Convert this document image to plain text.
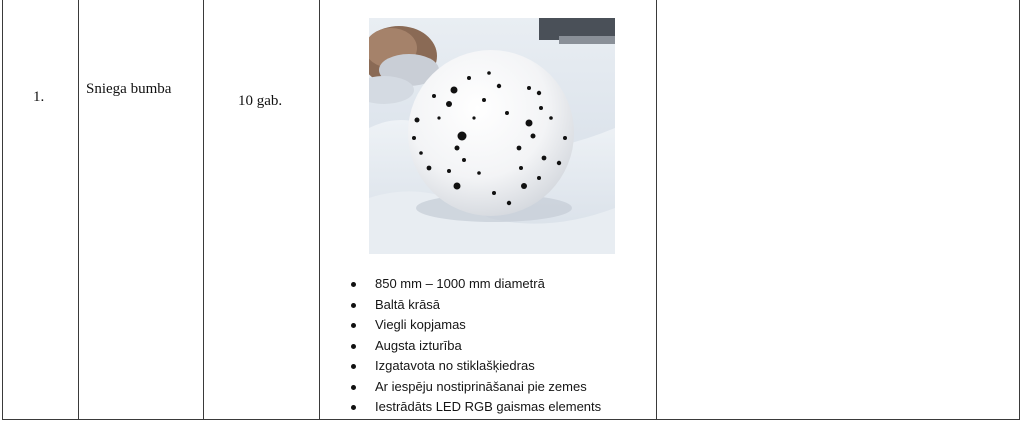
1.	Sniega bumba
10 gab.
850 mm – 1000 mm diametrā
Baltā krāsā
Viegli kopjamas
Augsta izturība
Izgatavota no stiklašķiedras
Ar iespēju nostiprināšanai pie zemes
Iestrādāts LED RGB gaismas elements
